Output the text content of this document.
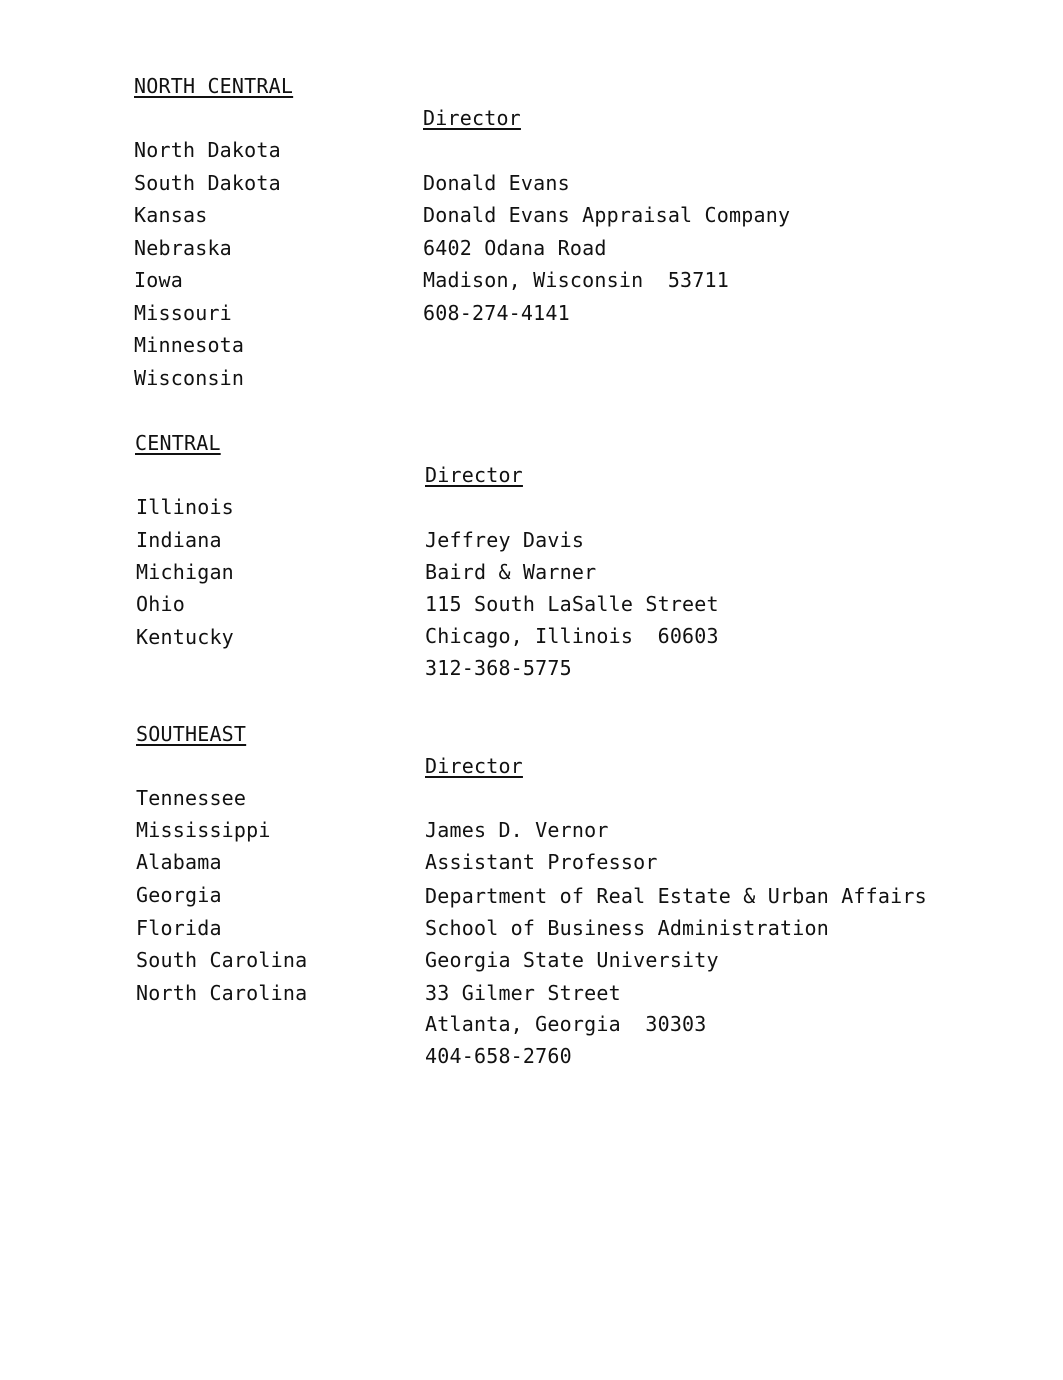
NORTH CENTRAL
Director
North Dakota
South Dakota
Kansas
Nebraska
Iowa
Missouri
Minnesota
Wisconsin
Donald Evans
Donald Evans Appraisal Company
6402 Odana Road
Madison, Wisconsin  53711
608-274-4141
CENTRAL
Director
Illinois
Indiana
Michigan
Ohio
Kentucky
Jeffrey Davis
Baird & Warner
115 South LaSalle Street
Chicago, Illinois  60603
312-368-5775
SOUTHEAST
Director
Tennessee
Mississippi
Alabama
Georgia
Florida
South Carolina
North Carolina
James D. Vernor
Assistant Professor
Department of Real Estate & Urban Affairs
School of Business Administration
Georgia State University
33 Gilmer Street
Atlanta, Georgia  30303
404-658-2760
